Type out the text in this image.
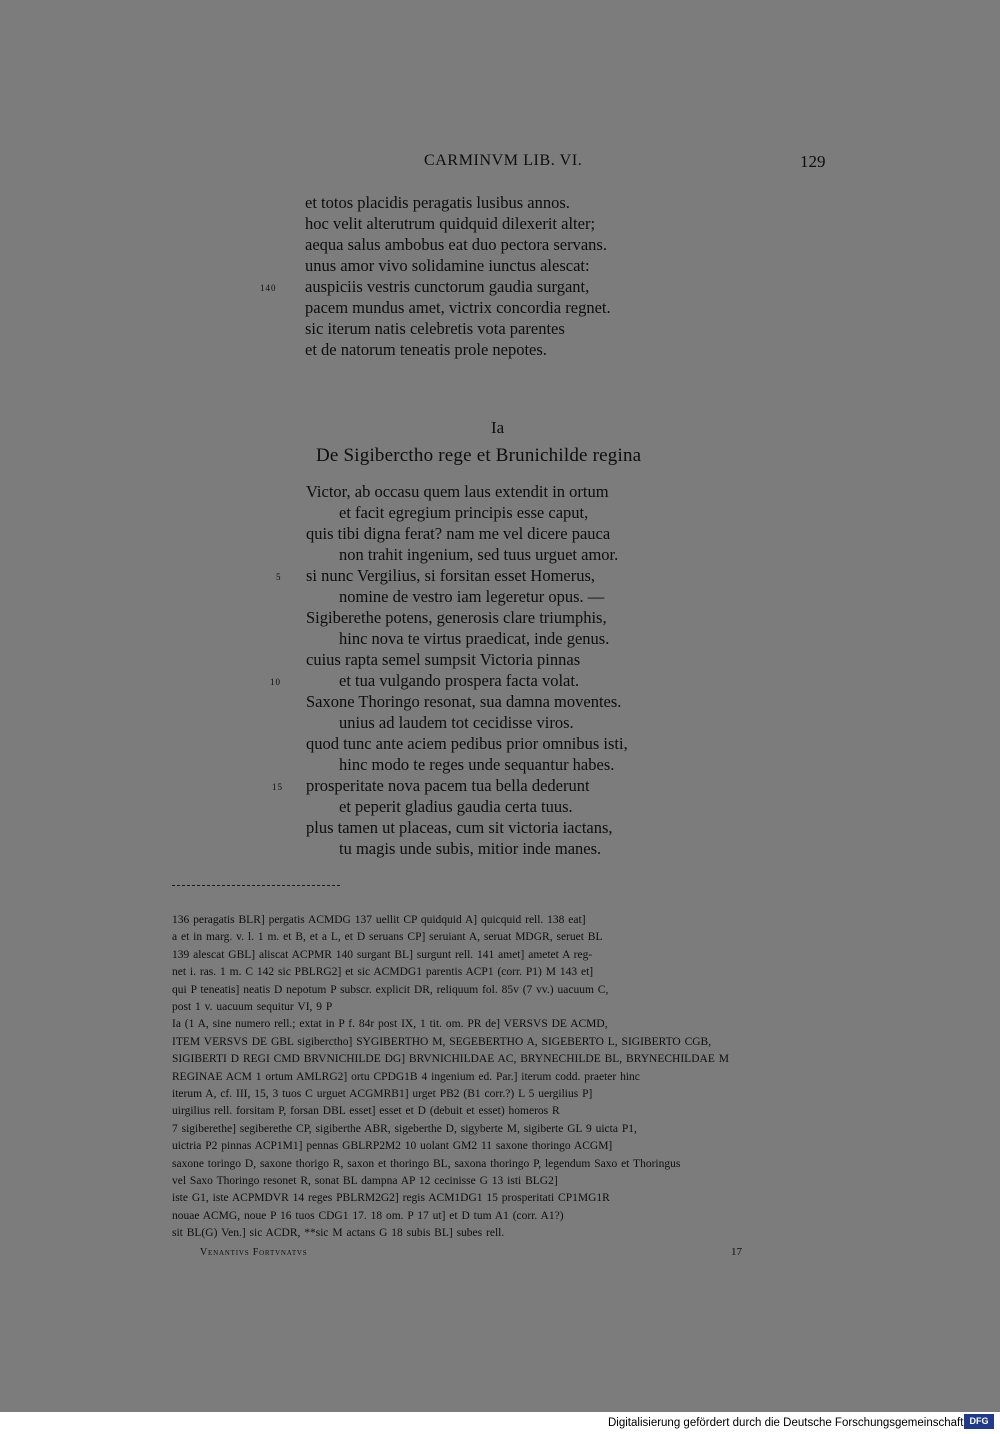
CARMINVM LIB. VI.	129
et totos placidis peragatis lusibus annos.
hoc velit alterutrum quidquid dilexerit alter;
aequa salus ambobus eat duo pectora servans.
unus amor vivo solidamine iunctus alescat:
140 auspiciis vestris cunctorum gaudia surgant,
pacem mundus amet, victrix concordia regnet.
sic iterum natis celebretis vota parentes
et de natorum teneatis prole nepotes.
Ia
De Sigiberctho rege et Brunichilde regina
Victor, ab occasu quem laus extendit in ortum
et facit egregium principis esse caput,
quis tibi digna ferat? nam me vel dicere pauca
non trahit ingenium, sed tuus urguet amor.
5 si nunc Vergilius, si forsitan esset Homerus,
nomine de vestro iam legeretur opus. —
Sigiberethe potens, generosis clare triumphis,
hinc nova te virtus praedicat, inde genus.
cuius rapta semel sumpsit Victoria pinnas
10	et tua vulgando prospera facta volat.
Saxone Thoringo resonat, sua damna moventes.
unius ad laudem tot cecidisse viros.
quod tunc ante aciem pedibus prior omnibus isti,
hinc modo te reges unde sequantur habes.
15 prosperitate nova pacem tua bella dederunt
et peperit gladius gaudia certa tuus.
plus tamen ut placeas, cum sit victoria iactans,
tu magis unde subis, mitior inde manes.
136 peragatis BLR] pergatis ACMDG 137 uellit CP quidquid A] quicquid rell. 138 eat]
a et in marg. v. l. 1 m. et B, et a L, et D seruans CP] seruiant A, seruat MDGR, seruet BL
139 alescat GBL] aliscat ACPMR 140 surgant BL] surgunt rell. 141 amet] ametet A reg-
net i. ras. 1 m. C 142 sic PBLRG2] et sic ACMDG1 parentis ACP1 (corr. P1) M 143 et]
qui P teneatis] neatis D nepotum P subscr. explicit DR, reliquum fol. 85v (7 vv.) uacuum C,
post 1 v. uacuum sequitur VI, 9 P
Ia (1 A, sine numero rell.; extat in P f. 84r post IX, 1 tit. om. PR de] VERSVS DE ACMD,
ITEM VERSVS DE GBL sigiberctho] SYGIBERTHO M, SEGEBERTHO A, SIGEBERTO L, SIGIBERTO CGB,
SIGIBERTI D REGI CMD BRVNICHILDE DG] BRVNICHILDAE AC, BRYNECHILDE BL, BRYNECHILDAE M
REGINAE ACM 1 ortum AMLRG2] ortu CPDG1B 4 ingenium ed. Par.] iterum codd. praeter hinc
iterum A, cf. III, 15, 3 tuos C urguet ACGMRB1] urget PB2 (B1 corr.?) L 5 uergilius P]
uirgilius rell. forsitam P, forsan DBL esset] esset et D (debuit et esset) homeros R
7 sigiberethe] segiberethe CP, sigiberthe ABR, sigeberthe D, sigyberte M, sigiberte GL 9 uicta P1,
uictria P2 pinnas ACP1M1] pennas GBLRP2M2 10 uolant GM2 11 saxone thoringo ACGM]
saxone toringo D, saxone thorigo R, saxon et thoringo BL, saxona thoringo P, legendum Saxo et Thoringus
vel Saxo Thoringo resonet R, sonat BL dampna AP 12 cecinisse G 13 isti BLG2]
iste G1, iste ACPMDVR 14 reges PBLRM2G2] regis ACM1DG1 15 prosperitati CP1MG1R
nouae ACMG, noue P 16 tuos CDG1 17. 18 om. P 17 ut] et D tum A1 (corr. A1?)
sit BL(G) Ven.] sic ACDR, **sic M actans G 18 subis BL] subes rell.
Venantivs Fortvnatvs	17
Digitalisierung gefördert durch die Deutsche Forschungsgemeinschaft DFG
